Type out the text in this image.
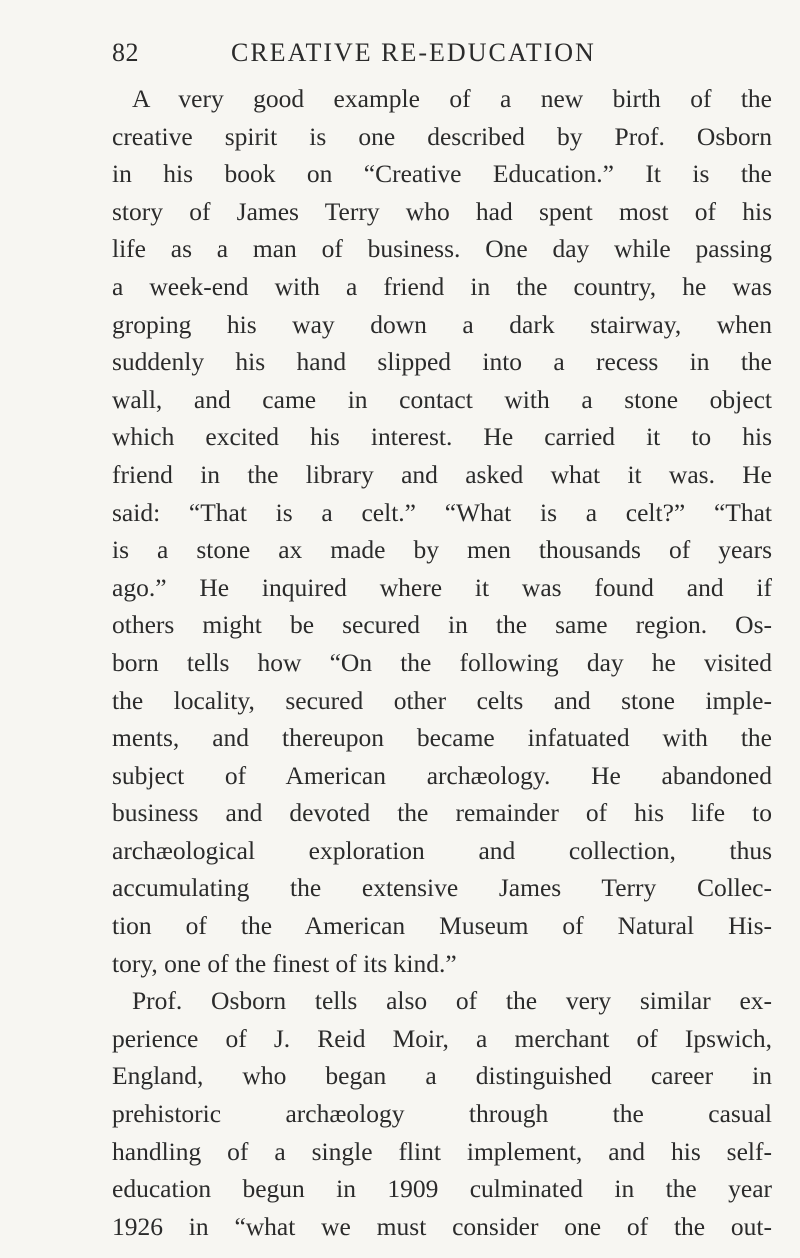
82	CREATIVE RE-EDUCATION
A very good example of a new birth of the
creative spirit is one described by Prof. Osborn
in his book on “Creative Education.” It is the
story of James Terry who had spent most of his
life as a man of business. One day while passing
a week-end with a friend in the country, he was
groping his way down a dark stairway, when
suddenly his hand slipped into a recess in the
wall, and came in contact with a stone object
which excited his interest. He carried it to his
friend in the library and asked what it was. He
said: “That is a celt.” “What is a celt?” “That
is a stone ax made by men thousands of years
ago.” He inquired where it was found and if
others might be secured in the same region. Os-
born tells how “On the following day he visited
the locality, secured other celts and stone imple-
ments, and thereupon became infatuated with the
subject of American archæology. He abandoned
business and devoted the remainder of his life to
archæological exploration and collection, thus
accumulating the extensive James Terry Collec-
tion of the American Museum of Natural His-
tory, one of the finest of its kind.”
Prof. Osborn tells also of the very similar ex-
perience of J. Reid Moir, a merchant of Ipswich,
England, who began a distinguished career in
prehistoric archæology through the casual
handling of a single flint implement, and his self-
education begun in 1909 culminated in the year
1926 in “what we must consider one of the out-
